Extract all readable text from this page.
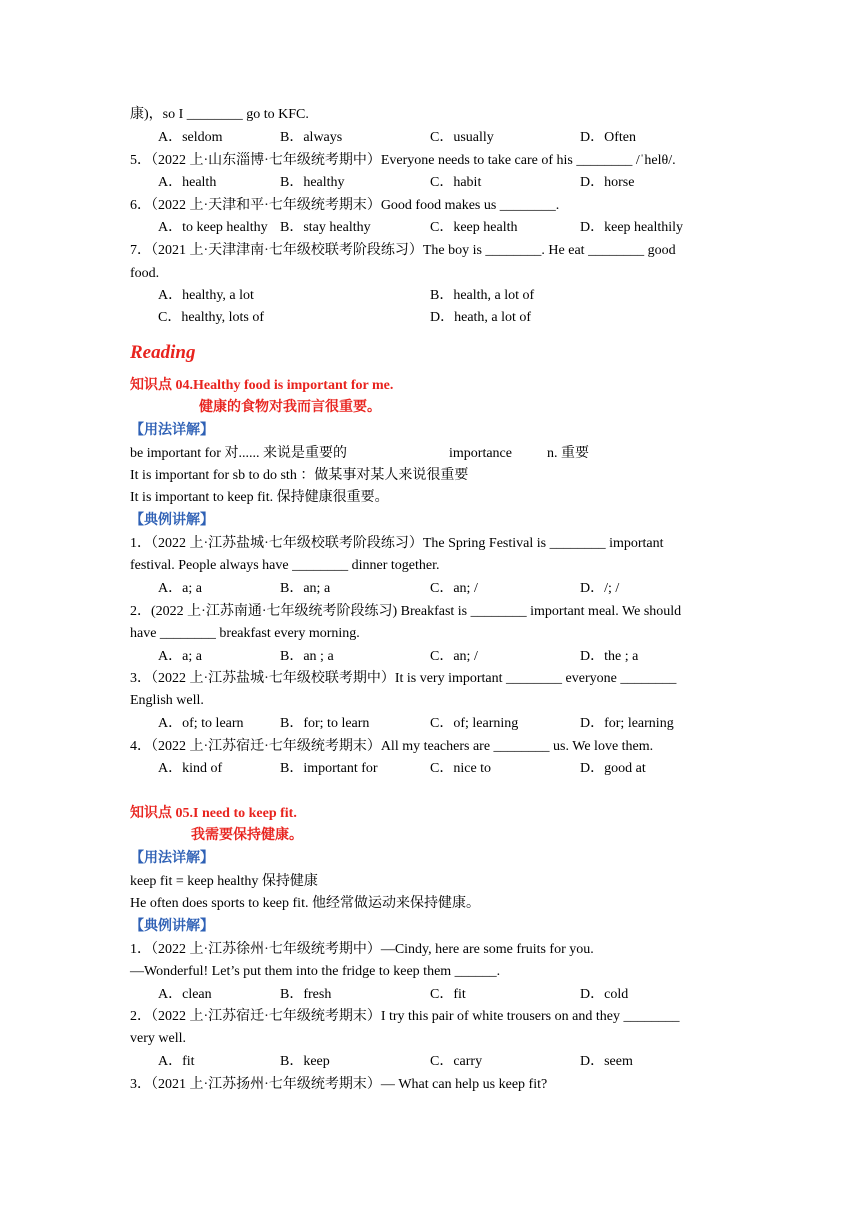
Reading
知识点 04.Healthy food is important for me.
健康的食物对我而言很重要。
【用法详解】
【典例讲解】
知识点 05.I need to keep fit.
我需要保持健康。
【用法详解】
【典例讲解】
康)，so I ________ go to KFC.
5．（2022 上·山东淄博·七年级统考期中）Everyone needs to take care of his ________ /ˈhelθ/.
6．（2022 上·天津和平·七年级统考期末）Good food makes us ________.
7．（2021 上·天津津南·七年级校联考阶段练习）The boy is ________. He eat ________ good
food.
be important for 对...... 来说是重要的	importance	n. 重要
It is important for sb to do sth ：做某事对某人来说很重要
It is important to keep fit. 保持健康很重要。
1．（2022 上·江苏盐城·七年级校联考阶段练习）The Spring Festival is ________ important
festival. People always have ________ dinner together.
2．(2022 上·江苏南通·七年级统考阶段练习) Breakfast is ________ important meal. We should
have ________ breakfast every morning.
3．（2022 上·江苏盐城·七年级校联考期中）It is very important ________ everyone ________
English well.
4．（2022 上·江苏宿迁·七年级统考期末）All my teachers are ________ us. We love them.
keep fit = keep healthy 保持健康
He often does sports to keep fit. 他经常做运动来保持健康。
1．（2022 上·江苏徐州·七年级统考期中）—Cindy, here are some fruits for you.
—Wonderful! Let’s put them into the fridge to keep them ______.
2．（2022 上·江苏宿迁·七年级统考期末）I try this pair of white trousers on and they ________
very well.
3．（2021 上·江苏扬州·七年级统考期末）— What can help us keep fit?
A．seldom	B．always	C．usually	D．Often
A．health	B．healthy	C．habit	D．horse
A．to keep healthy B．stay healthy	C．keep health	D．keep healthily
A．healthy, a lot	B．health, a lot of
C．healthy, lots of	D．heath, a lot of
A．a; a	B．an; a	C．an; /	D．/; /
A．a; a	B．an ; a	C．an; /	D．the ; a
A．of; to learn	B．for; to learn	C．of; learning	D．for; learning
A．kind of	B．important for	C．nice to	D．good at
A．clean	B．fresh	C．fit	D．cold
A．fit	B．keep	C．carry	D．seem
